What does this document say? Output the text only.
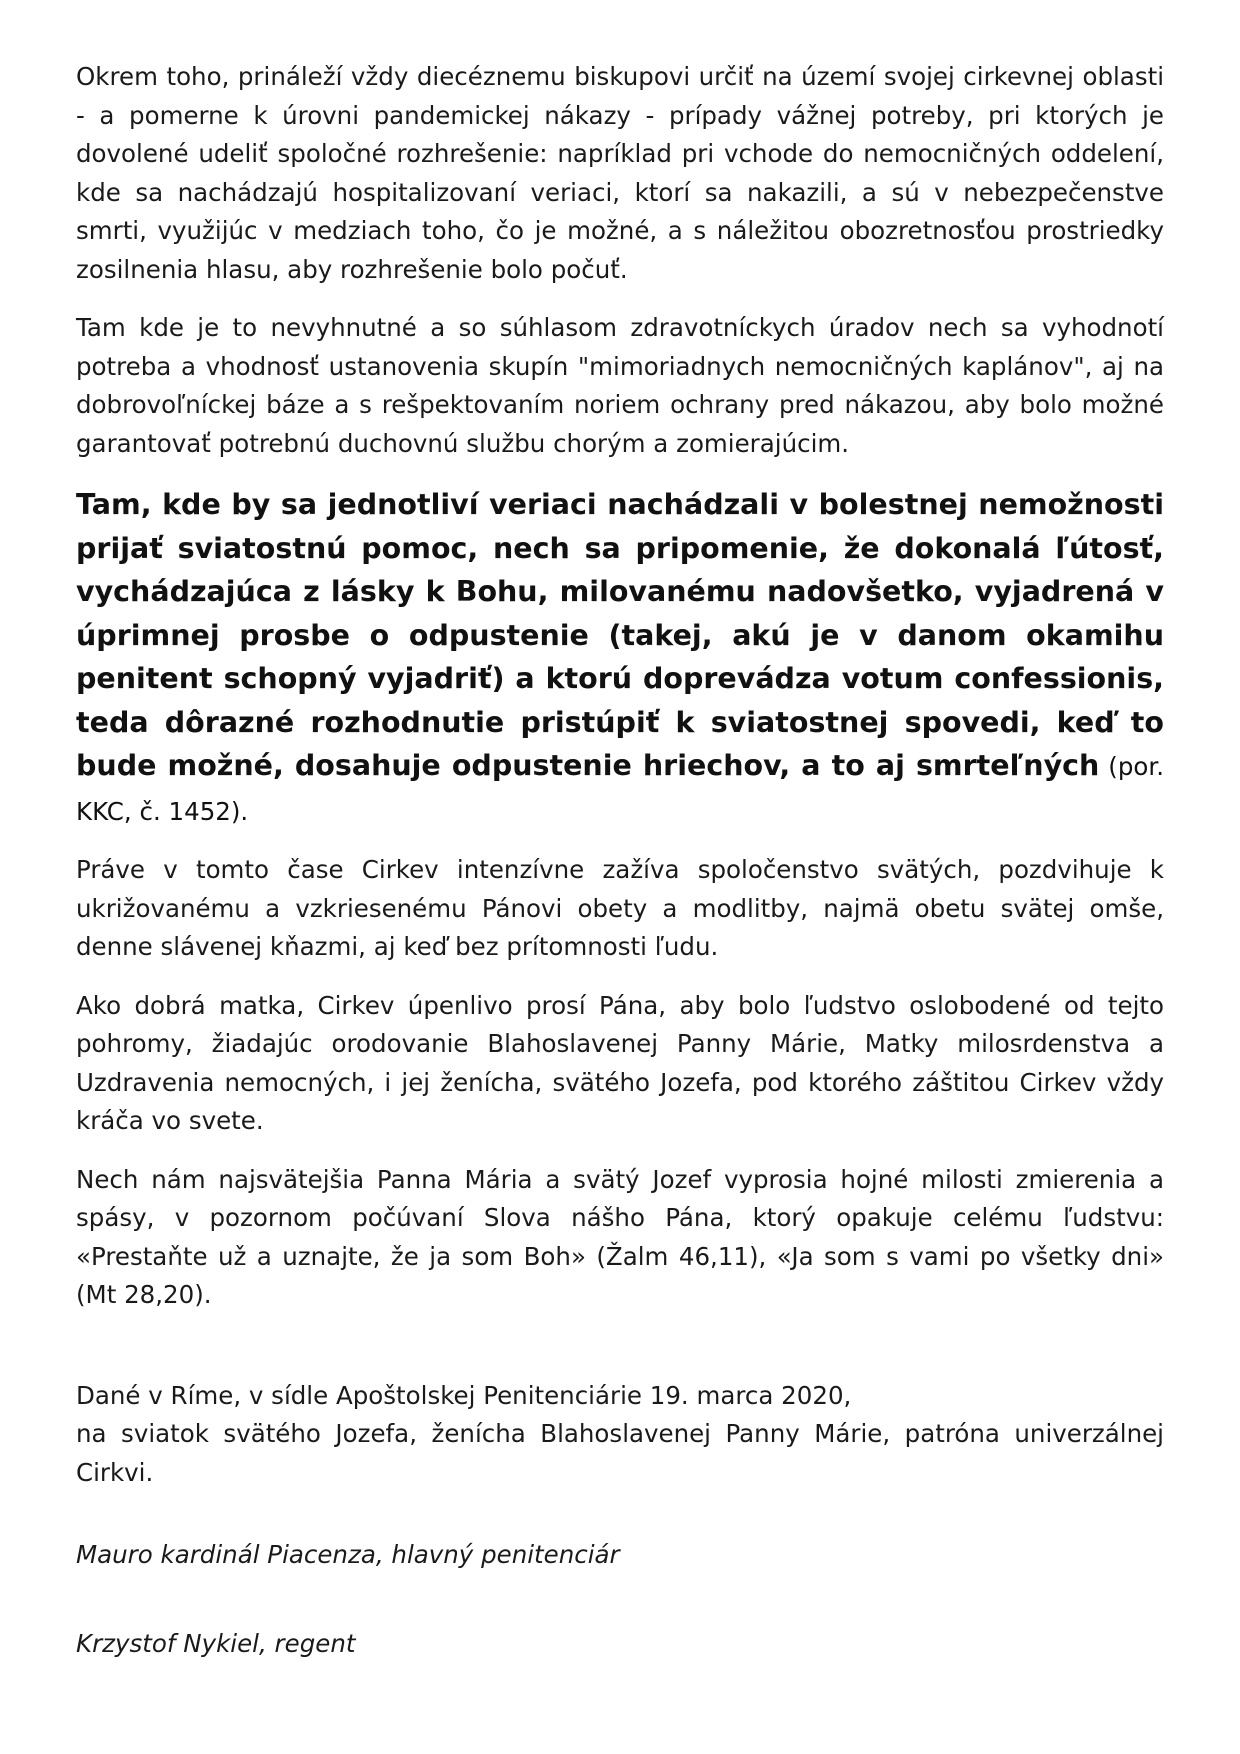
Okrem toho, prináleží vždy diecéznemu biskupovi určiť na území svojej cirkevnej oblasti - a pomerne k úrovni pandemickej nákazy - prípady vážnej potreby, pri ktorých je dovolené udeliť spoločné rozhrešenie: napríklad pri vchode do nemocničných oddelení, kde sa nachádzajú hospitalizovaní veriaci, ktorí sa nakazili, a sú v nebezpečenstve smrti, využijúc v medziach toho, čo je možné, a s náležitou obozretnosťou prostriedky zosilnenia hlasu, aby rozhrešenie bolo počuť.

Tam kde je to nevyhnutné a so súhlasom zdravotníckych úradov nech sa vyhodnotí potreba a vhodnosť ustanovenia skupín "mimoriadnych nemocničných kaplánov", aj na dobrovoľníckej báze a s rešpektovaním noriem ochrany pred nákazou, aby bolo možné garantovať potrebnú duchovnú službu chorým a zomierajúcim.

Tam, kde by sa jednotliví veriaci nachádzali v bolestnej nemožnosti prijať sviatostnú pomoc, nech sa pripomenie, že dokonalá ľútosť, vychádzajúca z lásky k Bohu, milovanému nadovšetko, vyjadrená v úprimnej prosbe o odpustenie (takej, akú je v danom okamihu penitent schopný vyjadriť) a ktorú doprevádza votum confessionis, teda dôrazné rozhodnutie pristúpiť k sviatostnej spovedi, keď to bude možné, dosahuje odpustenie hriechov, a to aj smrteľných (por. KKC, č. 1452).

Práve v tomto čase Cirkev intenzívne zažíva spoločenstvo svätých, pozdvihuje k ukrižovanému a vzkriesenému Pánovi obety a modlitby, najmä obetu svätej omše, denne slávenej kňazmi, aj keď bez prítomnosti ľudu.

Ako dobrá matka, Cirkev úpenlivo prosí Pána, aby bolo ľudstvo oslobodené od tejto pohromy, žiadajúc orodovanie Blahoslavenej Panny Márie, Matky milosrdenstva a Uzdravenia nemocných, i jej ženícha, svätého Jozefa, pod ktorého záštitou Cirkev vždy kráča vo svete.

Nech nám najsvätejšia Panna Mária a svätý Jozef vyprosia hojné milosti zmierenia a spásy, v pozornom počúvaní Slova nášho Pána, ktorý opakuje celému ľudstvu: «Prestaňte už a uznajte, že ja som Boh» (Žalm 46,11), «Ja som s vami po všetky dni» (Mt 28,20).

Dané v Ríme, v sídle Apoštolskej Penitenciárie 19. marca 2020,
na sviatok svätého Jozefa, ženícha Blahoslavenej Panny Márie, patróna univerzálnej Cirkvi.

Mauro kardinál Piacenza, hlavný penitenciár

Krzystof Nykiel, regent
